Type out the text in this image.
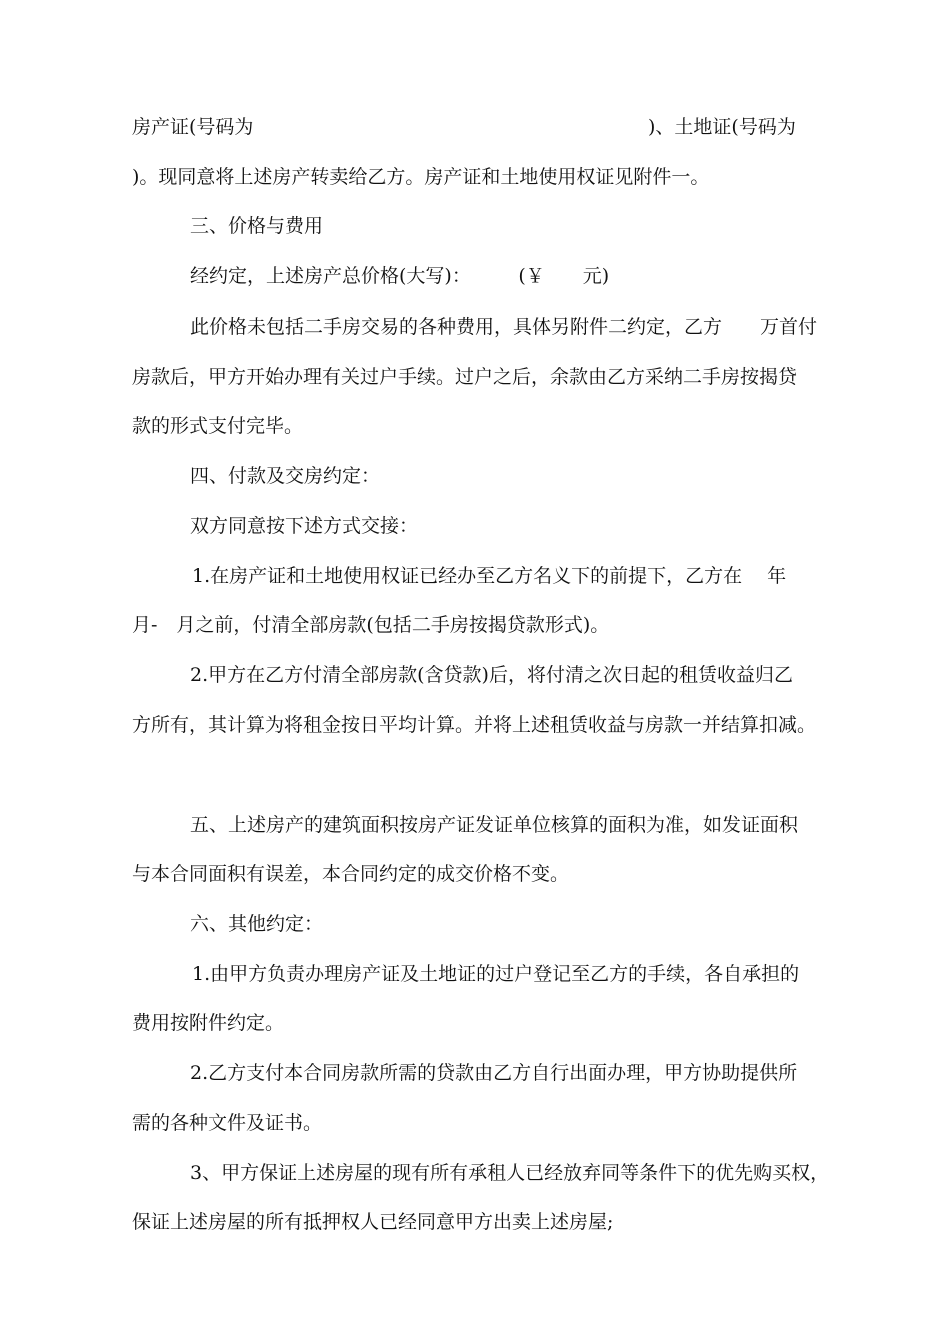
房产证(号码为	)、土地证(号码为
)。现同意将上述房产转卖给乙方。房产证和土地使用权证见附件一。
三、价格与费用
经约定，上述房产总价格(大写)：　　　(￥　　元)
此价格未包括二手房交易的各种费用，具体另附件二约定，乙方　　万首付
房款后，甲方开始办理有关过户手续。过户之后，余款由乙方采纳二手房按揭贷
款的形式支付完毕。
四、付款及交房约定：
双方同意按下述方式交接：
1.在房产证和土地使用权证已经办至乙方名义下的前提下，乙方在　 年
月-　月之前，付清全部房款(包括二手房按揭贷款形式)。
2.甲方在乙方付清全部房款(含贷款)后，将付清之次日起的租赁收益归乙
方所有，其计算为将租金按日平均计算。并将上述租赁收益与房款一并结算扣减。
五、上述房产的建筑面积按房产证发证单位核算的面积为准，如发证面积
与本合同面积有误差，本合同约定的成交价格不变。
六、其他约定：
1.由甲方负责办理房产证及土地证的过户登记至乙方的手续，各自承担的
费用按附件约定。
2.乙方支付本合同房款所需的贷款由乙方自行出面办理，甲方协助提供所
需的各种文件及证书。
3、甲方保证上述房屋的现有所有承租人已经放弃同等条件下的优先购买权，
保证上述房屋的所有抵押权人已经同意甲方出卖上述房屋;
